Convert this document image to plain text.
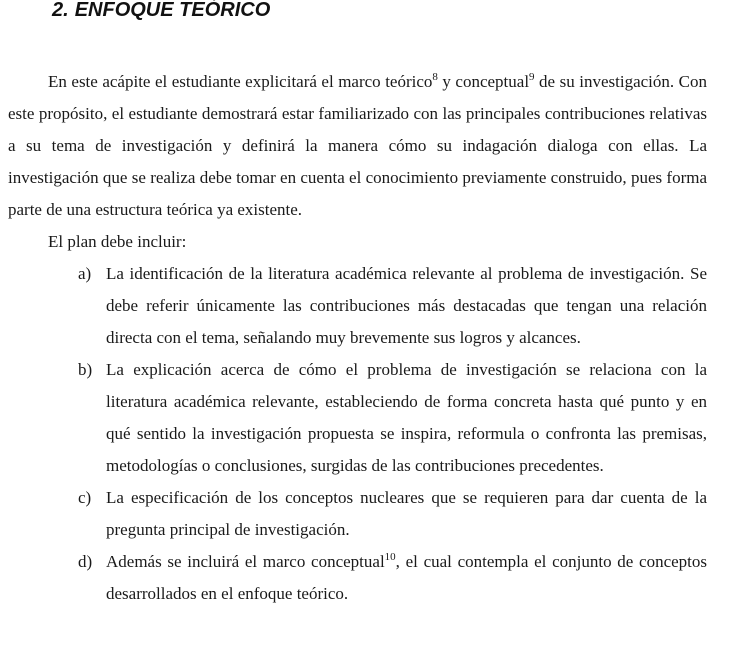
2. ENFOQUE TEÓRICO

En este acápite el estudiante explicitará el marco teórico$^8$ y conceptual$^9$ de su investigación. Con este propósito, el estudiante demostrará estar familiarizado con las principales contribuciones relativas a su tema de investigación y definirá la manera cómo su indagación dialoga con ellas. La investigación que se realiza debe tomar en cuenta el conocimiento previamente construido, pues forma parte de una estructura teórica ya existente.

El plan debe incluir:

a) La identificación de la literatura académica relevante al problema de investigación. Se debe referir únicamente las contribuciones más destacadas que tengan una relación directa con el tema, señalando muy brevemente sus logros y alcances.
b) La explicación acerca de cómo el problema de investigación se relaciona con la literatura académica relevante, estableciendo de forma concreta hasta qué punto y en qué sentido la investigación propuesta se inspira, reformula o confronta las premisas, metodologías o conclusiones, surgidas de las contribuciones precedentes.
c) La especificación de los conceptos nucleares que se requieren para dar cuenta de la pregunta principal de investigación.
d) Además se incluirá el marco conceptual$^{10}$, el cual contempla el conjunto de conceptos desarrollados en el enfoque teórico.
